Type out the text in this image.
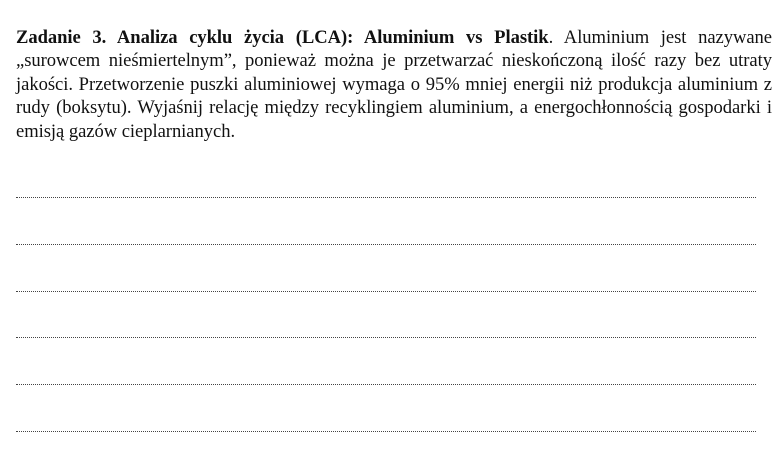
Zadanie 3. Analiza cyklu życia (LCA): Aluminium vs Plastik. Aluminium jest nazywane „surowcem nieśmiertelnym”, ponieważ można je przetwarzać nieskończoną ilość razy bez utraty jakości. Przetworzenie puszki aluminiowej wymaga o 95% mniej energii niż produkcja aluminium z rudy (boksytu). Wyjaśnij relację między recyklingiem aluminium, a energochłonnością gospodarki i emisją gazów cieplarnianych.
